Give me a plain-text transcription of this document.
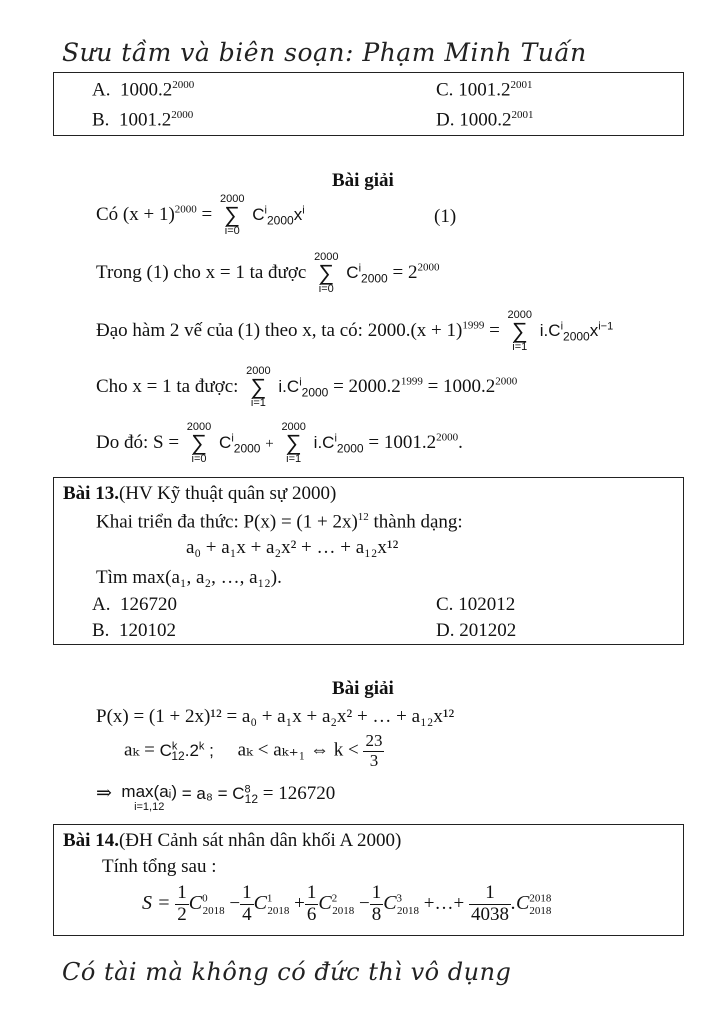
Sưu tầm và biên soạn: Phạm Minh Tuấn
A. $1000.2^{2000}$	C. $1001.2^{2001}$
B. $1001.2^{2000}$	D. $1000.2^{2001}$
Bài giải
Có $(x + 1)^{2000}$ =
2000
∑
i=0
$C^i_{2000}x^i$	(1)
Trong (1) cho x = 1 ta được
2000
∑
i=0
$C^i_{2000} = 2^{2000}$
Đạo hàm 2 vế của (1) theo x, ta có: $2000.(x + 1)^{1999}$ =
2000
∑
i=1
$i.C^i_{2000}x^{i-1}$
Cho x = 1 ta được:
2000
∑
i=1
$i.C^i_{2000} = 2000.2^{1999} = 1000.2^{2000}$
Do đó: S =
2000
∑
i=0
$C^i_{2000}$ +
2000
∑
i=1
$i.C^i_{2000} = 1001.2^{2000}$.
Bài 13.(HV Kỹ thuật quân sự 2000)
Khai triển đa thức: $P(x) = (1 + 2x)^{12}$ thành dạng:
a₀ + a₁x + a₂x² + … + a₁₂x¹²
Tìm max(a₁, a₂, …, a₁₂).
A. 126720	C. 102012
B. 120102	D. 201202
Bài giải
P(x) = (1 + 2x)¹² = a₀ + a₁x + a₂x² + … + a₁₂x¹²
$a_k = C^k_{12}.2^k$ ; aₖ < aₖ₊₁ ⇔ $k < \frac{23}{3}$
⇒ max(aᵢ)
i=1,12
= $a_8 = C^8_{12} = 126720$
Bài 14.(ĐH Cảnh sát nhân dân khối A 2000)
Tính tổng sau :
$S = \frac{1}{2} C^0_{2018} - \frac{1}{4} C^1_{2018} + \frac{1}{6} C^2_{2018} - \frac{1}{8} C^3_{2018}$ +…+ $\frac{1}{4038} .C^{2018}_{2018}$
Có tài mà không có đức thì vô dụng
